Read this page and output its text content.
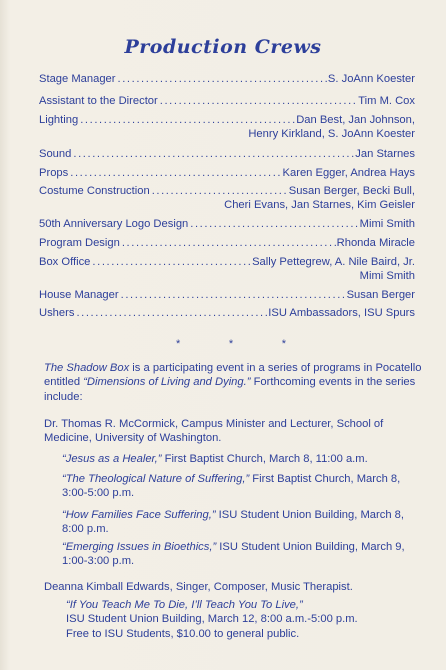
Production Crews
Stage Manager .....	S. JoAnn Koester
Assistant to the Director .....	Tim M. Cox
Lighting .....	Dan Best, Jan Johnson,
Henry Kirkland, S. JoAnn Koester
Sound .....	Jan Starnes
Props .....	Karen Egger, Andrea Hays
Costume Construction .....	Susan Berger, Becki Bull,
Cheri Evans, Jan Starnes, Kim Geisler
50th Anniversary Logo Design .....	Mimi Smith
Program Design .....	Rhonda Miracle
Box Office .....	Sally Pettegrew, A. Nile Baird, Jr.
Mimi Smith
House Manager .....	Susan Berger
Ushers .....	ISU Ambassadors, ISU Spurs
*	*	*
The Shadow Box is a participating event in a series of programs in Pocatello entitled “Dimensions of Living and Dying.” Forthcoming events in the series include:
Dr. Thomas R. McCormick, Campus Minister and Lecturer, School of Medicine, University of Washington.
“Jesus as a Healer,” First Baptist Church, March 8, 11:00 a.m.
“The Theological Nature of Suffering,” First Baptist Church, March 8, 3:00-5:00 p.m.
“How Families Face Suffering,” ISU Student Union Building, March 8, 8:00 p.m.
“Emerging Issues in Bioethics,” ISU Student Union Building, March 9, 1:00-3:00 p.m.
Deanna Kimball Edwards, Singer, Composer, Music Therapist.
“If You Teach Me To Die, I’ll Teach You To Live,”
ISU Student Union Building, March 12, 8:00 a.m.-5:00 p.m.
Free to ISU Students, $10.00 to general public.
